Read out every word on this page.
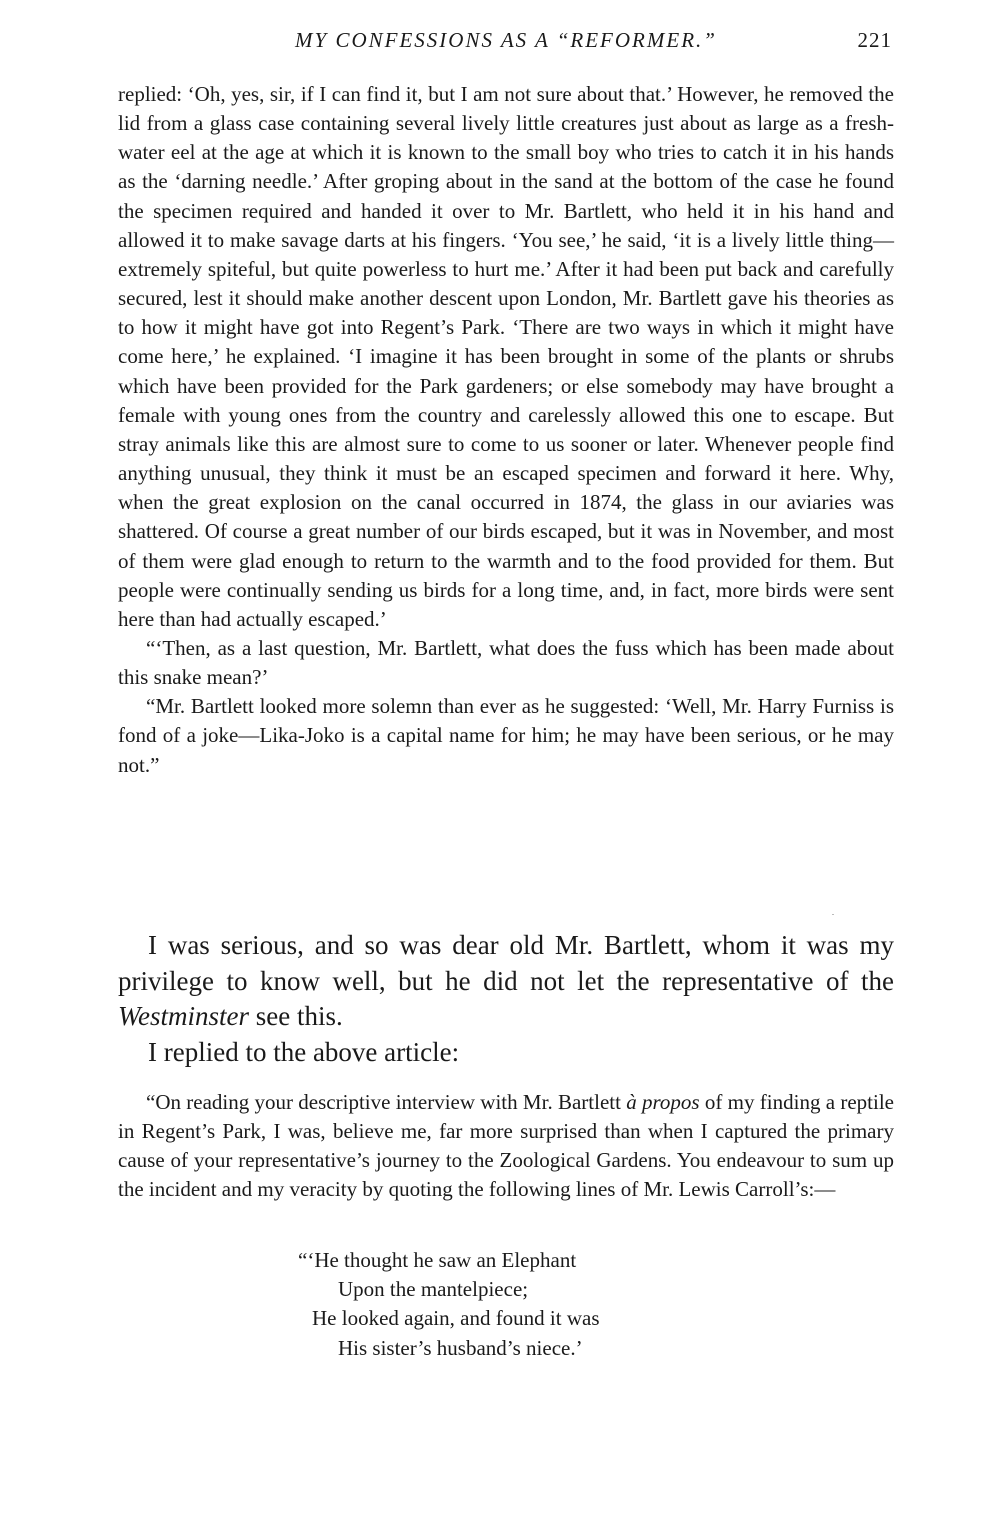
MY CONFESSIONS AS A “REFORMER.”	221

replied: ‘Oh, yes, sir, if I can find it, but I am not sure about that.’ However, he removed the lid from a glass case containing several lively little creatures just about as large as a fresh-water eel at the age at which it is known to the small boy who tries to catch it in his hands as the ‘darning needle.’ After groping about in the sand at the bottom of the case he found the specimen required and handed it over to Mr. Bartlett, who held it in his hand and allowed it to make savage darts at his fingers. ‘You see,’ he said, ‘it is a lively little thing—extremely spiteful, but quite powerless to hurt me.’ After it had been put back and carefully secured, lest it should make another descent upon London, Mr. Bartlett gave his theories as to how it might have got into Regent’s Park. ‘There are two ways in which it might have come here,’ he explained. ‘I imagine it has been brought in some of the plants or shrubs which have been provided for the Park gardeners; or else somebody may have brought a female with young ones from the country and carelessly allowed this one to escape. But stray animals like this are almost sure to come to us sooner or later. Whenever people find anything unusual, they think it must be an escaped specimen and forward it here. Why, when the great explosion on the canal occurred in 1874, the glass in our aviaries was shattered. Of course a great number of our birds escaped, but it was in November, and most of them were glad enough to return to the warmth and to the food provided for them. But people were continually sending us birds for a long time, and, in fact, more birds were sent here than had actually escaped.’

“‘Then, as a last question, Mr. Bartlett, what does the fuss which has been made about this snake mean?’

“Mr. Bartlett looked more solemn than ever as he suggested: ‘Well, Mr. Harry Furniss is fond of a joke—Lika-Joko is a capital name for him; he may have been serious, or he may not.”

I was serious, and so was dear old Mr. Bartlett, whom it was my privilege to know well, but he did not let the representative of the Westminster see this.

I replied to the above article:

“On reading your descriptive interview with Mr. Bartlett à propos of my finding a reptile in Regent’s Park, I was, believe me, far more surprised than when I captured the primary cause of your representative’s journey to the Zoological Gardens. You endeavour to sum up the incident and my veracity by quoting the following lines of Mr. Lewis Carroll’s:—

“‘He thought he saw an Elephant
Upon the mantelpiece;
He looked again, and found it was
His sister’s husband’s niece.’
